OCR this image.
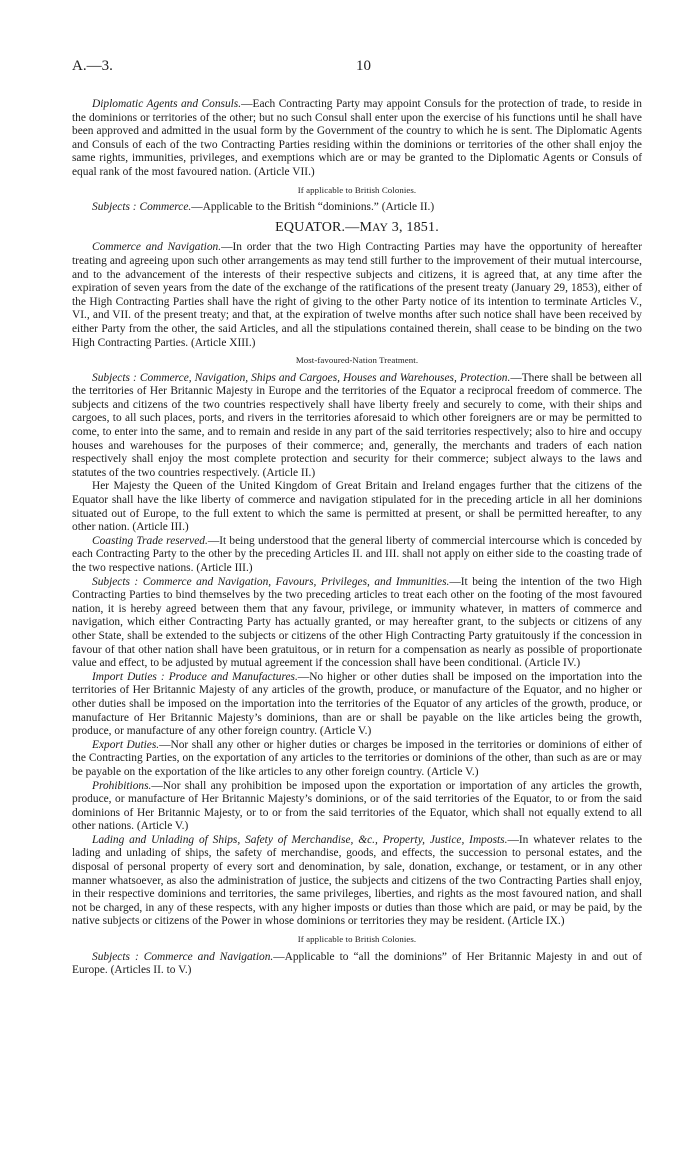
A.—3.	10

Diplomatic Agents and Consuls.—Each Contracting Party may appoint Consuls for the protection of trade, to reside in the dominions or territories of the other; but no such Consul shall enter upon the exercise of his functions until he shall have been approved and admitted in the usual form by the Government of the country to which he is sent. The Diplomatic Agents and Consuls of each of the two Contracting Parties residing within the dominions or territories of the other shall enjoy the same rights, immunities, privileges, and exemptions which are or may be granted to the Diplomatic Agents or Consuls of equal rank of the most favoured nation. (Article VII.)

If applicable to British Colonies.

Subjects : Commerce.—Applicable to the British “dominions.” (Article II.)

EQUATOR.—MAY 3, 1851.

Commerce and Navigation.—In order that the two High Contracting Parties may have the opportunity of hereafter treating and agreeing upon such other arrangements as may tend still further to the improvement of their mutual intercourse, and to the advancement of the interests of their respective subjects and citizens, it is agreed that, at any time after the expiration of seven years from the date of the exchange of the ratifications of the present treaty (January 29, 1853), either of the High Contracting Parties shall have the right of giving to the other Party notice of its intention to terminate Articles V., VI., and VII. of the present treaty; and that, at the expiration of twelve months after such notice shall have been received by either Party from the other, the said Articles, and all the stipulations contained therein, shall cease to be binding on the two High Contracting Parties. (Article XIII.)

Most-favoured-Nation Treatment.

Subjects : Commerce, Navigation, Ships and Cargoes, Houses and Warehouses, Protection.—There shall be between all the territories of Her Britannic Majesty in Europe and the territories of the Equator a reciprocal freedom of commerce. The subjects and citizens of the two countries respectively shall have liberty freely and securely to come, with their ships and cargoes, to all such places, ports, and rivers in the territories aforesaid to which other foreigners are or may be permitted to come, to enter into the same, and to remain and reside in any part of the said territories respectively; also to hire and occupy houses and warehouses for the purposes of their commerce; and, generally, the merchants and traders of each nation respectively shall enjoy the most complete protection and security for their commerce; subject always to the laws and statutes of the two countries respectively. (Article II.)

Her Majesty the Queen of the United Kingdom of Great Britain and Ireland engages further that the citizens of the Equator shall have the like liberty of commerce and navigation stipulated for in the preceding article in all her dominions situated out of Europe, to the full extent to which the same is permitted at present, or shall be permitted hereafter, to any other nation. (Article III.)

Coasting Trade reserved.—It being understood that the general liberty of commercial intercourse which is conceded by each Contracting Party to the other by the preceding Articles II. and III. shall not apply on either side to the coasting trade of the two respective nations. (Article III.)

Subjects : Commerce and Navigation, Favours, Privileges, and Immunities.—It being the intention of the two High Contracting Parties to bind themselves by the two preceding articles to treat each other on the footing of the most favoured nation, it is hereby agreed between them that any favour, privilege, or immunity whatever, in matters of commerce and navigation, which either Contracting Party has actually granted, or may hereafter grant, to the subjects or citizens of any other State, shall be extended to the subjects or citizens of the other High Contracting Party gratuitously if the concession in favour of that other nation shall have been gratuitous, or in return for a compensation as nearly as possible of proportionate value and effect, to be adjusted by mutual agreement if the concession shall have been conditional. (Article IV.)

Import Duties : Produce and Manufactures.—No higher or other duties shall be imposed on the importation into the territories of Her Britannic Majesty of any articles of the growth, produce, or manufacture of the Equator, and no higher or other duties shall be imposed on the importation into the territories of the Equator of any articles of the growth, produce, or manufacture of Her Britannic Majesty’s dominions, than are or shall be payable on the like articles being the growth, produce, or manufacture of any other foreign country. (Article V.)

Export Duties.—Nor shall any other or higher duties or charges be imposed in the territories or dominions of either of the Contracting Parties, on the exportation of any articles to the territories or dominions of the other, than such as are or may be payable on the exportation of the like articles to any other foreign country. (Article V.)

Prohibitions.—Nor shall any prohibition be imposed upon the exportation or importation of any articles the growth, produce, or manufacture of Her Britannic Majesty’s dominions, or of the said territories of the Equator, to or from the said dominions of Her Britannic Majesty, or to or from the said territories of the Equator, which shall not equally extend to all other nations. (Article V.)

Lading and Unlading of Ships, Safety of Merchandise, &c., Property, Justice, Imposts.—In whatever relates to the lading and unlading of ships, the safety of merchandise, goods, and effects, the succession to personal estates, and the disposal of personal property of every sort and denomination, by sale, donation, exchange, or testament, or in any other manner whatsoever, as also the administration of justice, the subjects and citizens of the two Contracting Parties shall enjoy, in their respective dominions and territories, the same privileges, liberties, and rights as the most favoured nation, and shall not be charged, in any of these respects, with any higher imposts or duties than those which are paid, or may be paid, by the native subjects or citizens of the Power in whose dominions or territories they may be resident. (Article IX.)

If applicable to British Colonies.

Subjects : Commerce and Navigation.—Applicable to “all the dominions” of Her Britannic Majesty in and out of Europe. (Articles II. to V.)
